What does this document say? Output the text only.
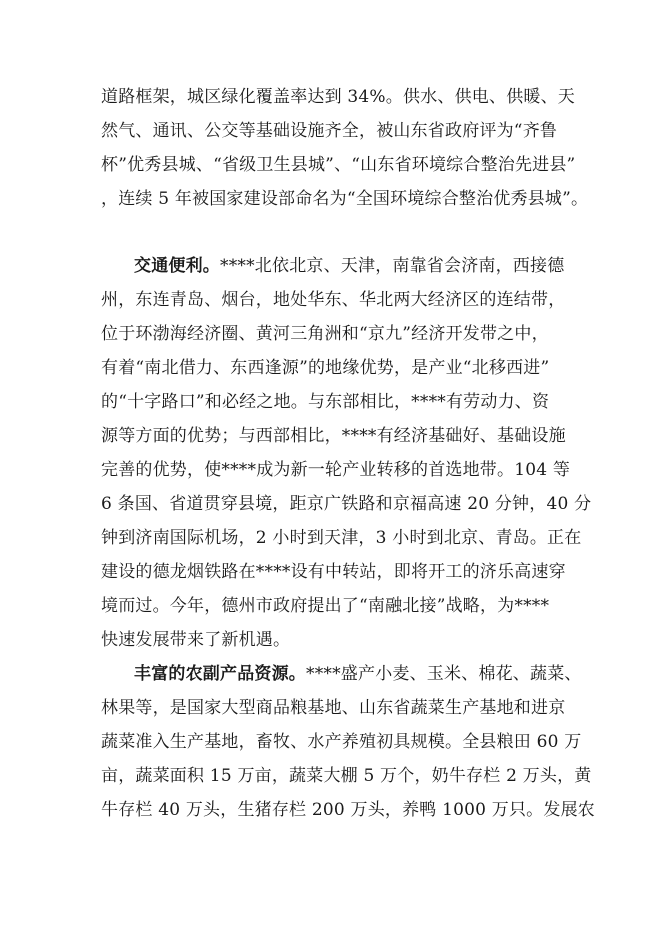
道路框架，城区绿化覆盖率达到 34%。供水、供电、供暖、天
然气、通讯、公交等基础设施齐全，被山东省政府评为“齐鲁
杯”优秀县城、“省级卫生县城”、“山东省环境综合整治先进县”
，连续 5 年被国家建设部命名为“全国环境综合整治优秀县城”。
交通便利。****北依北京、天津，南靠省会济南，西接德
州，东连青岛、烟台，地处华东、华北两大经济区的连结带，
位于环渤海经济圈、黄河三角洲和“京九”经济开发带之中，
有着“南北借力、东西逢源”的地缘优势，是产业“北移西进”
的“十字路口”和必经之地。与东部相比，****有劳动力、资
源等方面的优势；与西部相比，****有经济基础好、基础设施
完善的优势，使****成为新一轮产业转移的首选地带。104 等
6 条国、省道贯穿县境，距京广铁路和京福高速 20 分钟，40 分
钟到济南国际机场，2 小时到天津，3 小时到北京、青岛。正在
建设的德龙烟铁路在****设有中转站，即将开工的济乐高速穿
境而过。今年，德州市政府提出了“南融北接”战略，为****
快速发展带来了新机遇。
丰富的农副产品资源。****盛产小麦、玉米、棉花、蔬菜、
林果等，是国家大型商品粮基地、山东省蔬菜生产基地和进京
蔬菜准入生产基地，畜牧、水产养殖初具规模。全县粮田 60 万
亩，蔬菜面积 15 万亩，蔬菜大棚 5 万个，奶牛存栏 2 万头，黄
牛存栏 40 万头，生猪存栏 200 万头，养鸭 1000 万只。发展农
